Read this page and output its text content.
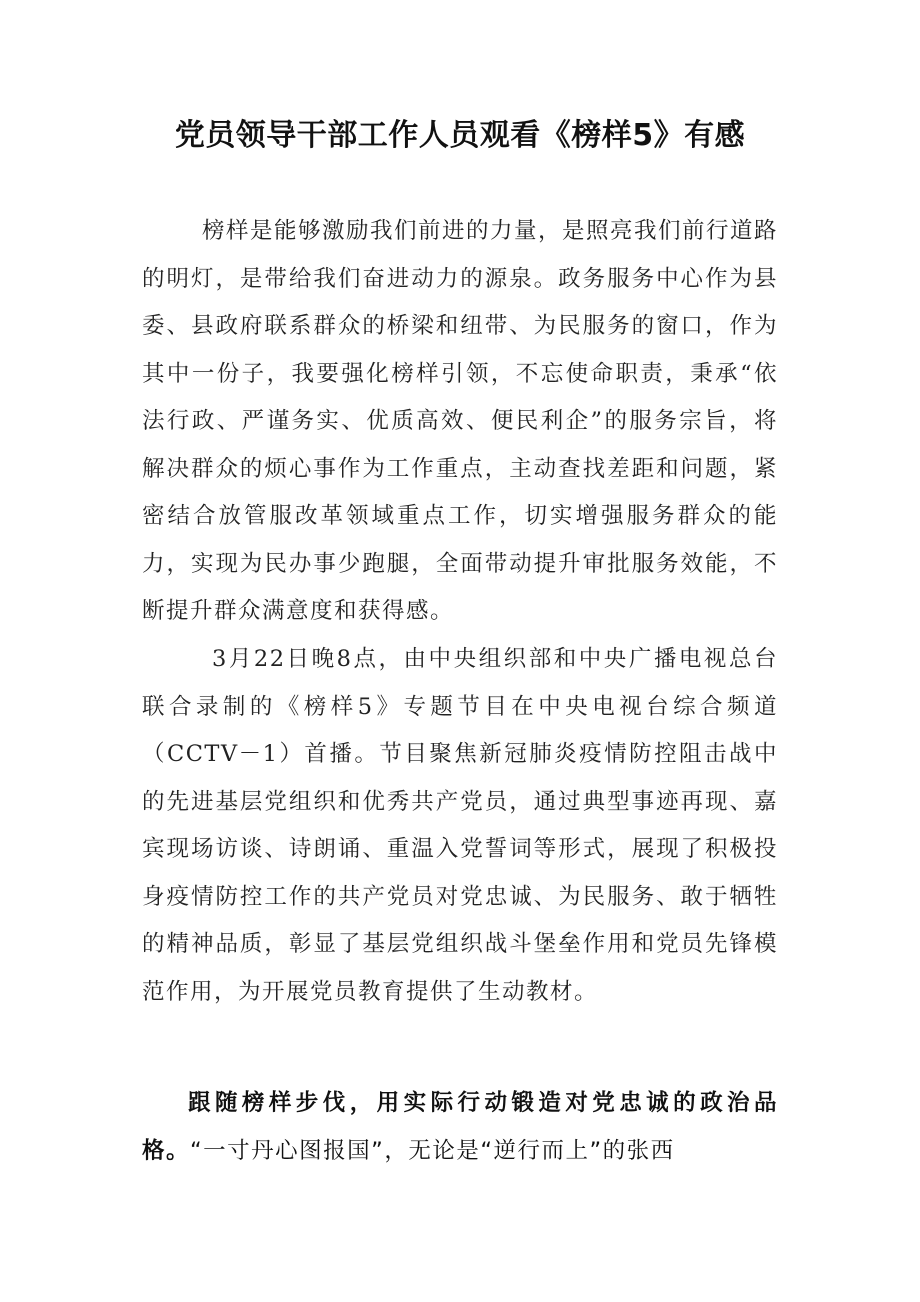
党员领导干部工作人员观看《榜样5》有感

榜样是能够激励我们前进的力量，是照亮我们前行道路的明灯，是带给我们奋进动力的源泉。政务服务中心作为县委、县政府联系群众的桥梁和纽带、为民服务的窗口，作为其中一份子，我要强化榜样引领，不忘使命职责，秉承“依法行政、严谨务实、优质高效、便民利企”的服务宗旨，将解决群众的烦心事作为工作重点，主动查找差距和问题，紧密结合放管服改革领域重点工作，切实增强服务群众的能力，实现为民办事少跑腿，全面带动提升审批服务效能，不断提升群众满意度和获得感。

3月22日晚8点，由中央组织部和中央广播电视总台联合录制的《榜样5》专题节目在中央电视台综合频道（CCTV－1）首播。节目聚焦新冠肺炎疫情防控阻击战中的先进基层党组织和优秀共产党员，通过典型事迹再现、嘉宾现场访谈、诗朗诵、重温入党誓词等形式，展现了积极投身疫情防控工作的共产党员对党忠诚、为民服务、敢于牺牲的精神品质，彰显了基层党组织战斗堡垒作用和党员先锋模范作用，为开展党员教育提供了生动教材。

跟随榜样步伐，用实际行动锻造对党忠诚的政治品格。“一寸丹心图报国”，无论是“逆行而上”的张西
